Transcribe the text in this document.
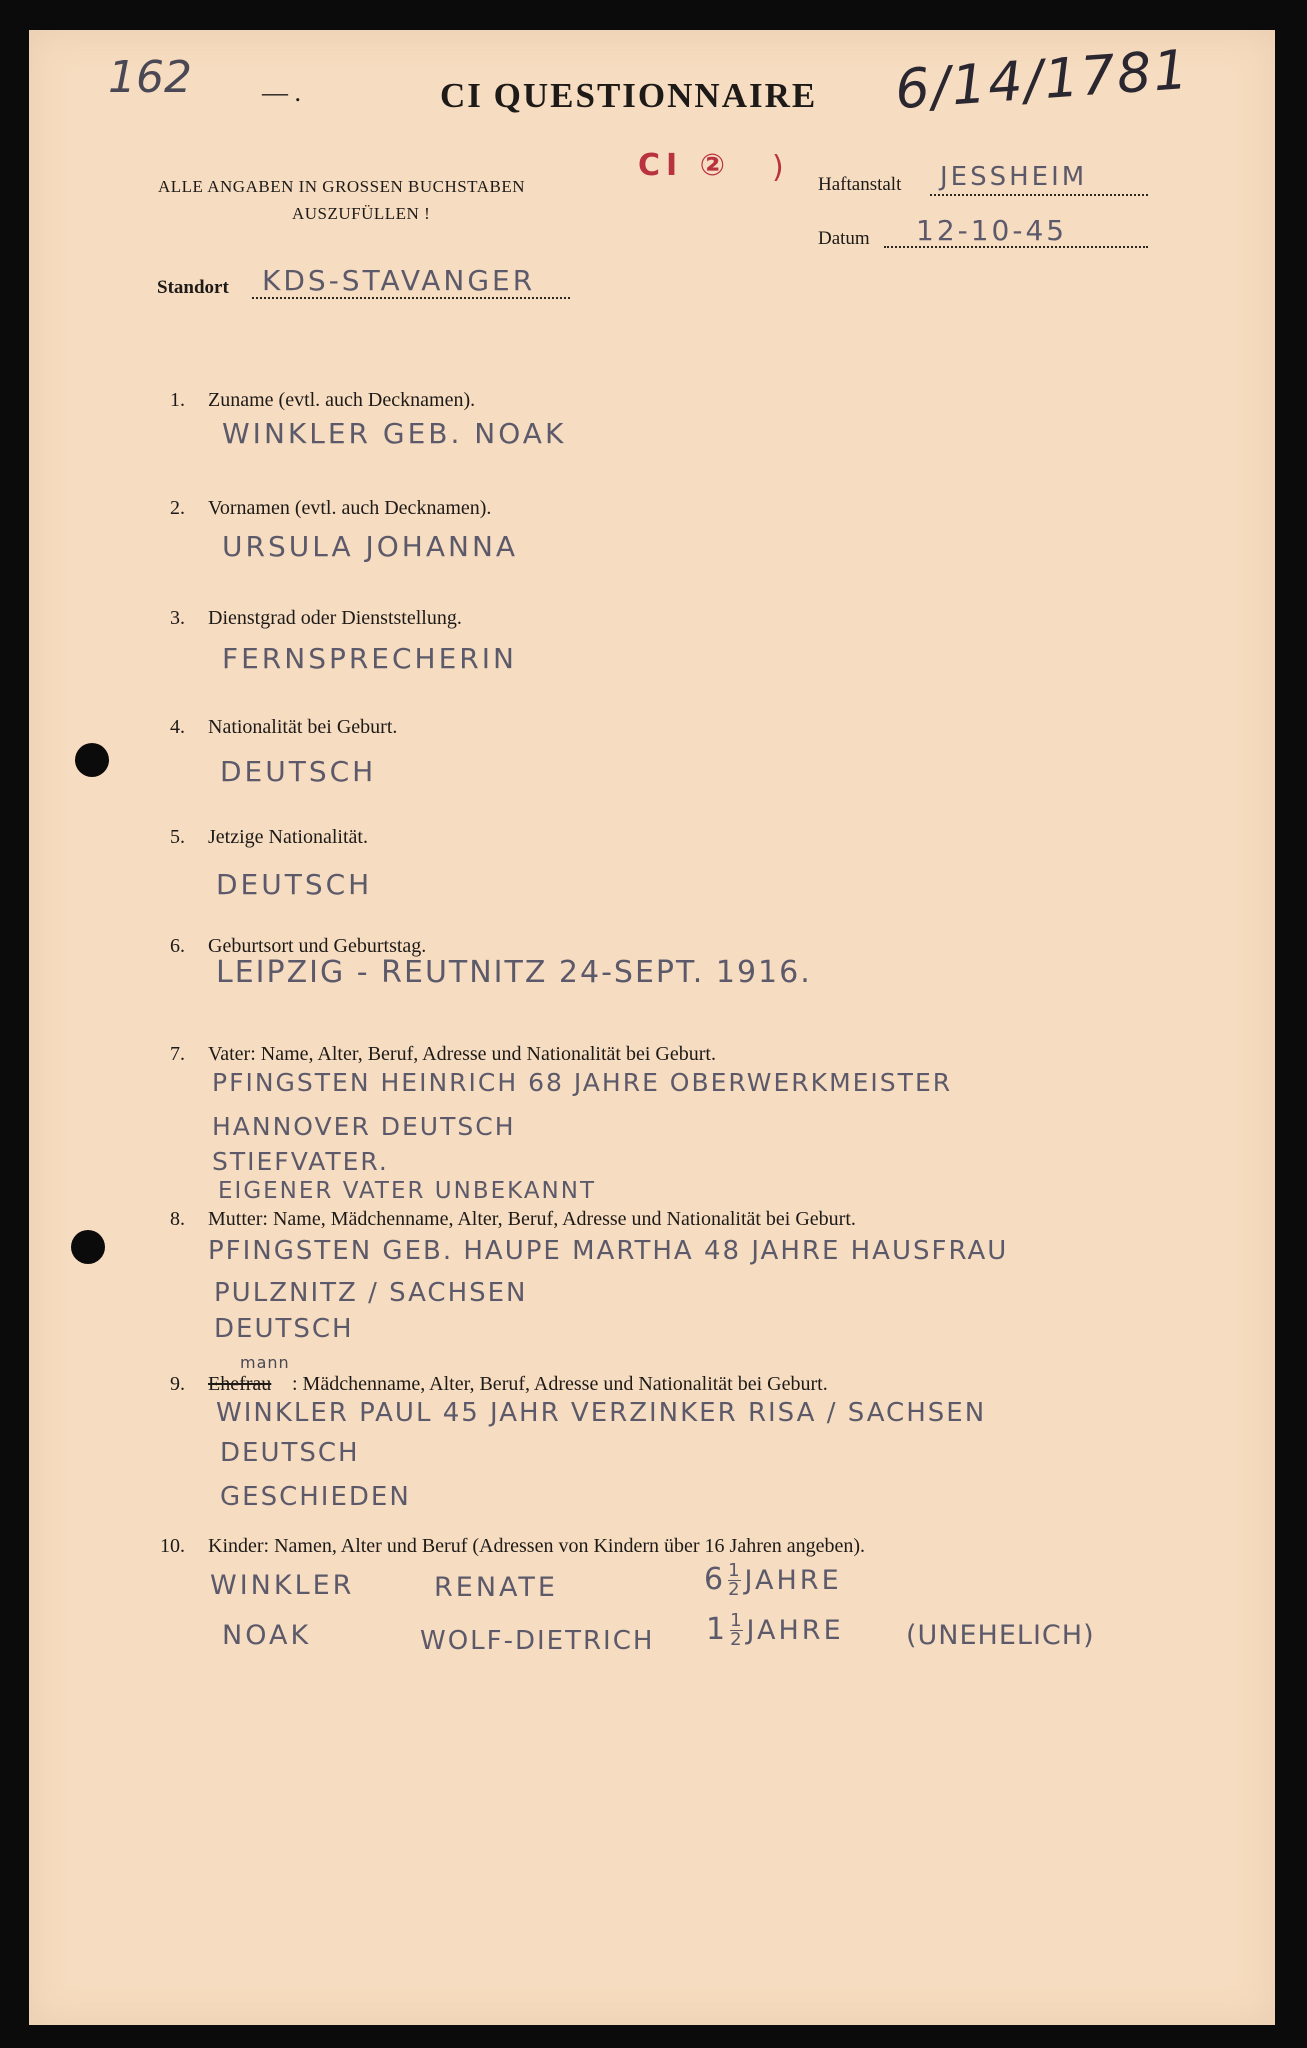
162	— .	CI QUESTIONNAIRE 6/14/1781
ALLE ANGABEN IN GROSSEN BUCHSTABEN
AUSZUFÜLLEN !
CI ② ) Haftanstalt JESSHEIM
Datum 12-10-45
Standort KDS-STAVANGER
1. Zuname (evtl. auch Decknamen).
WINKLER GEB. NOAK
2. Vornamen (evtl. auch Decknamen).
URSULA JOHANNA
3. Dienstgrad oder Dienststellung.
FERNSPRECHERIN
4. Nationalität bei Geburt.
DEUTSCH
5. Jetzige Nationalität.
DEUTSCH
6. Geburtsort und Geburtstag.
LEIPZIG - REUTNITZ 24-SEPT. 1916.
7. Vater: Name, Alter, Beruf, Adresse und Nationalität bei Geburt.
PFINGSTEN HEINRICH 68 JAHRE OBERWERKMEISTER
HANNOVER DEUTSCH
STIEFVATER.
EIGENER VATER UNBEKANNT
8. Mutter: Name, Mädchenname, Alter, Beruf, Adresse und Nationalität bei Geburt.
PFINGSTEN GEB. HAUPE MARTHA 48 JAHRE HAUSFRAU
PULZNITZ / SACHSEN
DEUTSCH
9. Ehefrau
mann
: Mädchenname, Alter, Beruf, Adresse und Nationalität bei Geburt.
WINKLER PAUL 45 JAHR VERZINKER RISA / SACHSEN
DEUTSCH
GESCHIEDEN
10. Kinder: Namen, Alter und Beruf (Adressen von Kindern über 16 Jahren angeben).
WINKLER	RENATE	$6 \frac{1}{2}$ JAHRE
NOAK	WOLF-DIETRICH $1 \frac{1}{2}$ JAHRE (UNEHELICH)
